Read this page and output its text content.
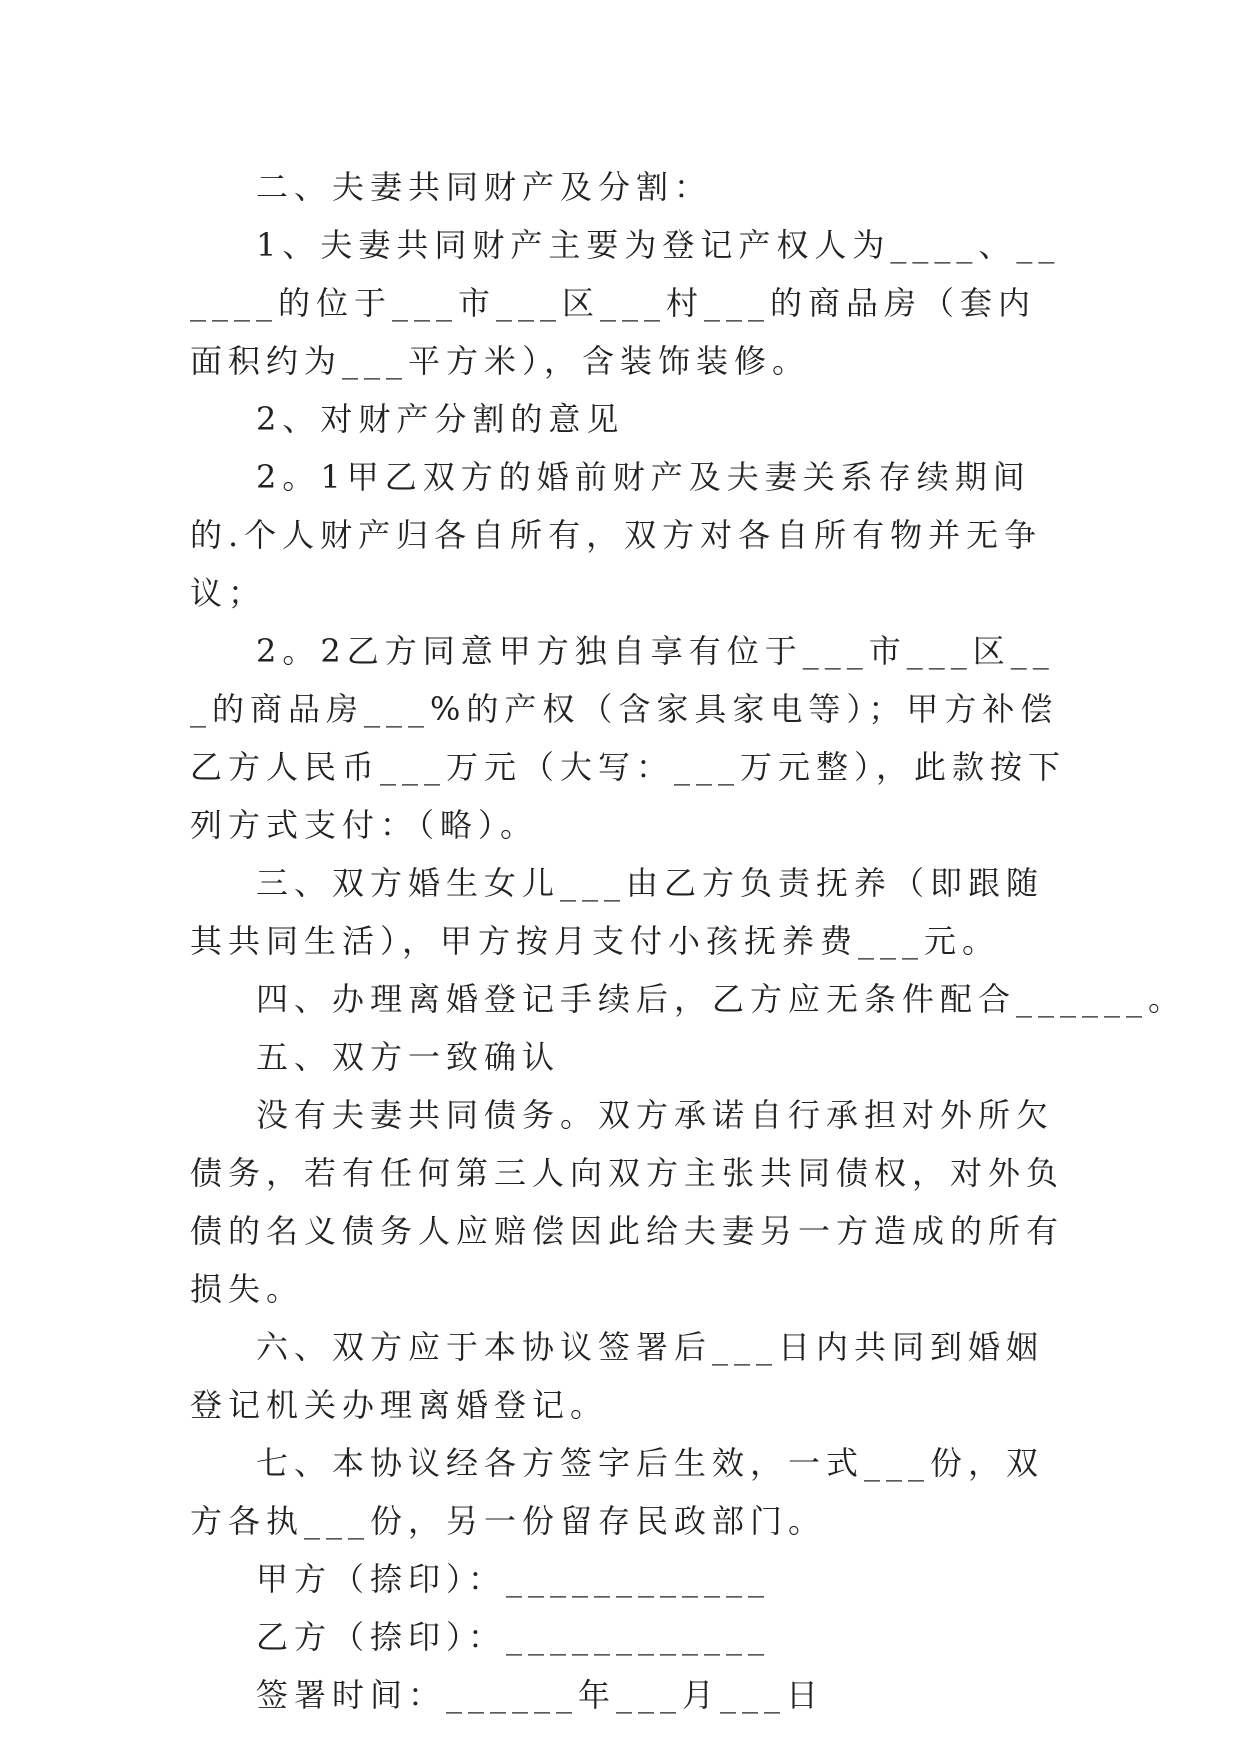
二、夫妻共同财产及分割：

1、夫妻共同财产主要为登记产权人为____、______的位于___市___区___村___的商品房（套内面积约为___平方米），含装饰装修。

2、对财产分割的意见

2。1甲乙双方的婚前财产及夫妻关系存续期间的.个人财产归各自所有，双方对各自所有物并无争议；

2。2乙方同意甲方独自享有位于___市___区___的商品房___%的产权（含家具家电等）；甲方补偿乙方人民币___万元（大写：___万元整），此款按下列方式支付：（略）。

三、双方婚生女儿___由乙方负责抚养（即跟随其共同生活），甲方按月支付小孩抚养费___元。

四、办理离婚登记手续后，乙方应无条件配合______。

五、双方一致确认

没有夫妻共同债务。双方承诺自行承担对外所欠债务，若有任何第三人向双方主张共同债权，对外负债的名义债务人应赔偿因此给夫妻另一方造成的所有损失。

六、双方应于本协议签署后___日内共同到婚姻登记机关办理离婚登记。

七、本协议经各方签字后生效，一式___份，双方各执___份，另一份留存民政部门。

甲方（捺印）：____________

乙方（捺印）：____________

签署时间：______年___月___日
